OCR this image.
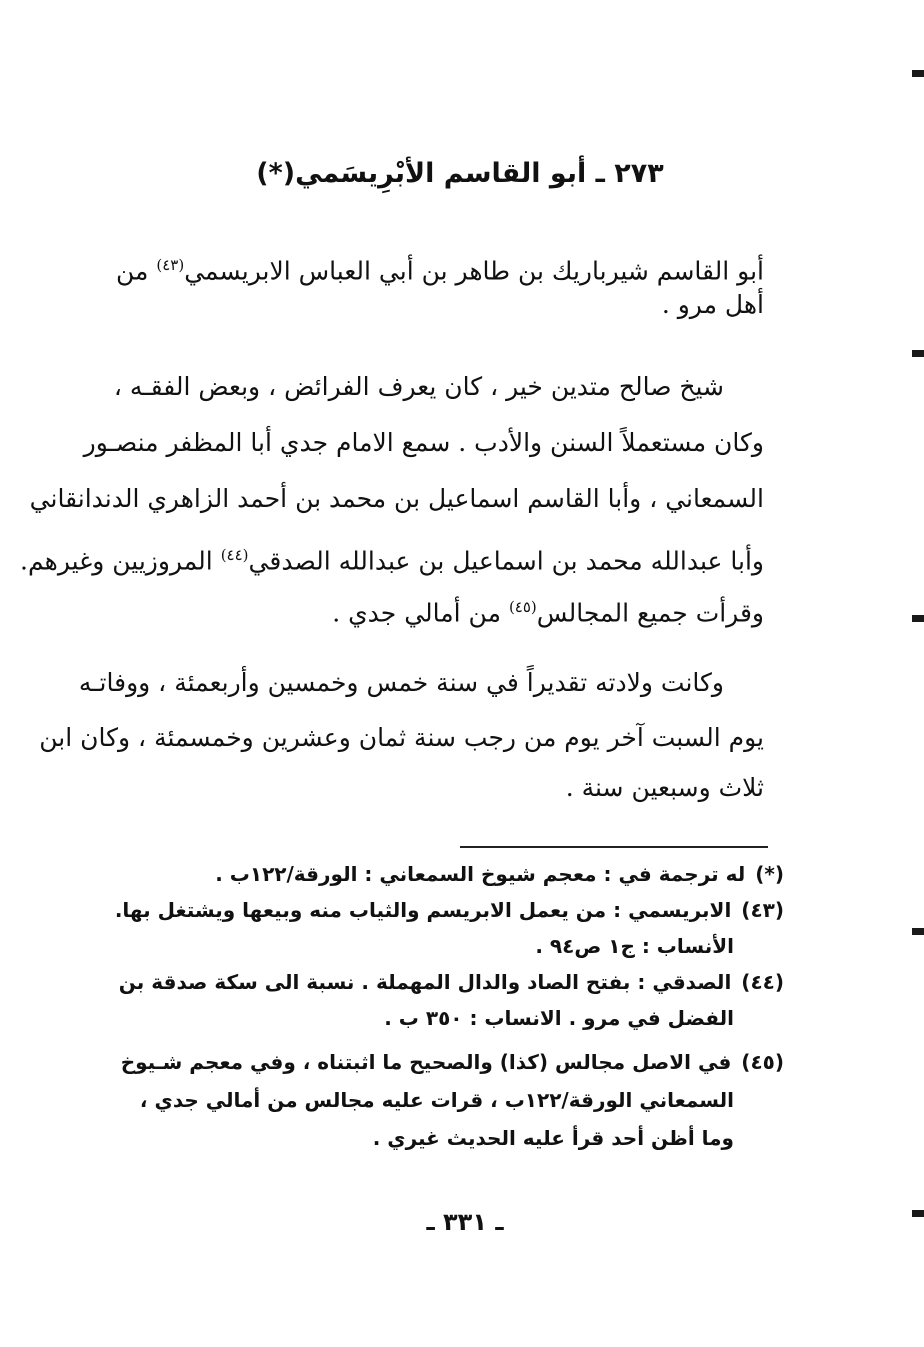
٢٧٣ ـ أبو القاسم الأبْرِيسَمي(*)
أبو القاسم شيرباريك بن طاهر بن أبي العباس الابريسمي$^{(٤٣)}$ من
أهل مرو .
شيخ صالح متدين خير ، كان يعرف الفرائض ، وبعض الفقـه ،
وكان مستعملاً السنن والأدب . سمع الامام جدي أبا المظفر منصـور
السمعاني ، وأبا القاسم اسماعيل بن محمد بن أحمد الزاهري الدندانقاني
وأبا عبدالله محمد بن اسماعيل بن عبدالله الصدقي$^{(٤٤)}$ المروزيين وغيرهم.
وقرأت جميع المجالس$^{(٤٥)}$ من أمالي جدي .
وكانت ولادته تقديراً في سنة خمس وخمسين وأربعمئة ، ووفاتـه
يوم السبت آخر يوم من رجب سنة ثمان وعشرين وخمسمئة ، وكان ابن
ثلاث وسبعين سنة .
(*)له ترجمة في : معجم شيوخ السمعاني : الورقة/١٢٢ب .
(٤٣)الابريسمي : من يعمل الابريسم والثياب منه وبيعها ويشتغل بها.
الأنساب : ج١ ص٩٤ .
(٤٤)الصدقي : بفتح الصاد والدال المهملة . نسبة الى سكة صدقة بن
الفضل في مرو . الانساب : ٣٥٠ ب .
(٤٥)في الاصل مجالس (كذا) والصحيح ما اثبتناه ، وفي معجم شـيوخ
السمعاني الورقة/١٢٢ب ، قرات عليه مجالس من أمالي جدي ،
وما أظن أحد قرأ عليه الحديث غيري .
ـ ٣٣١ ـ
